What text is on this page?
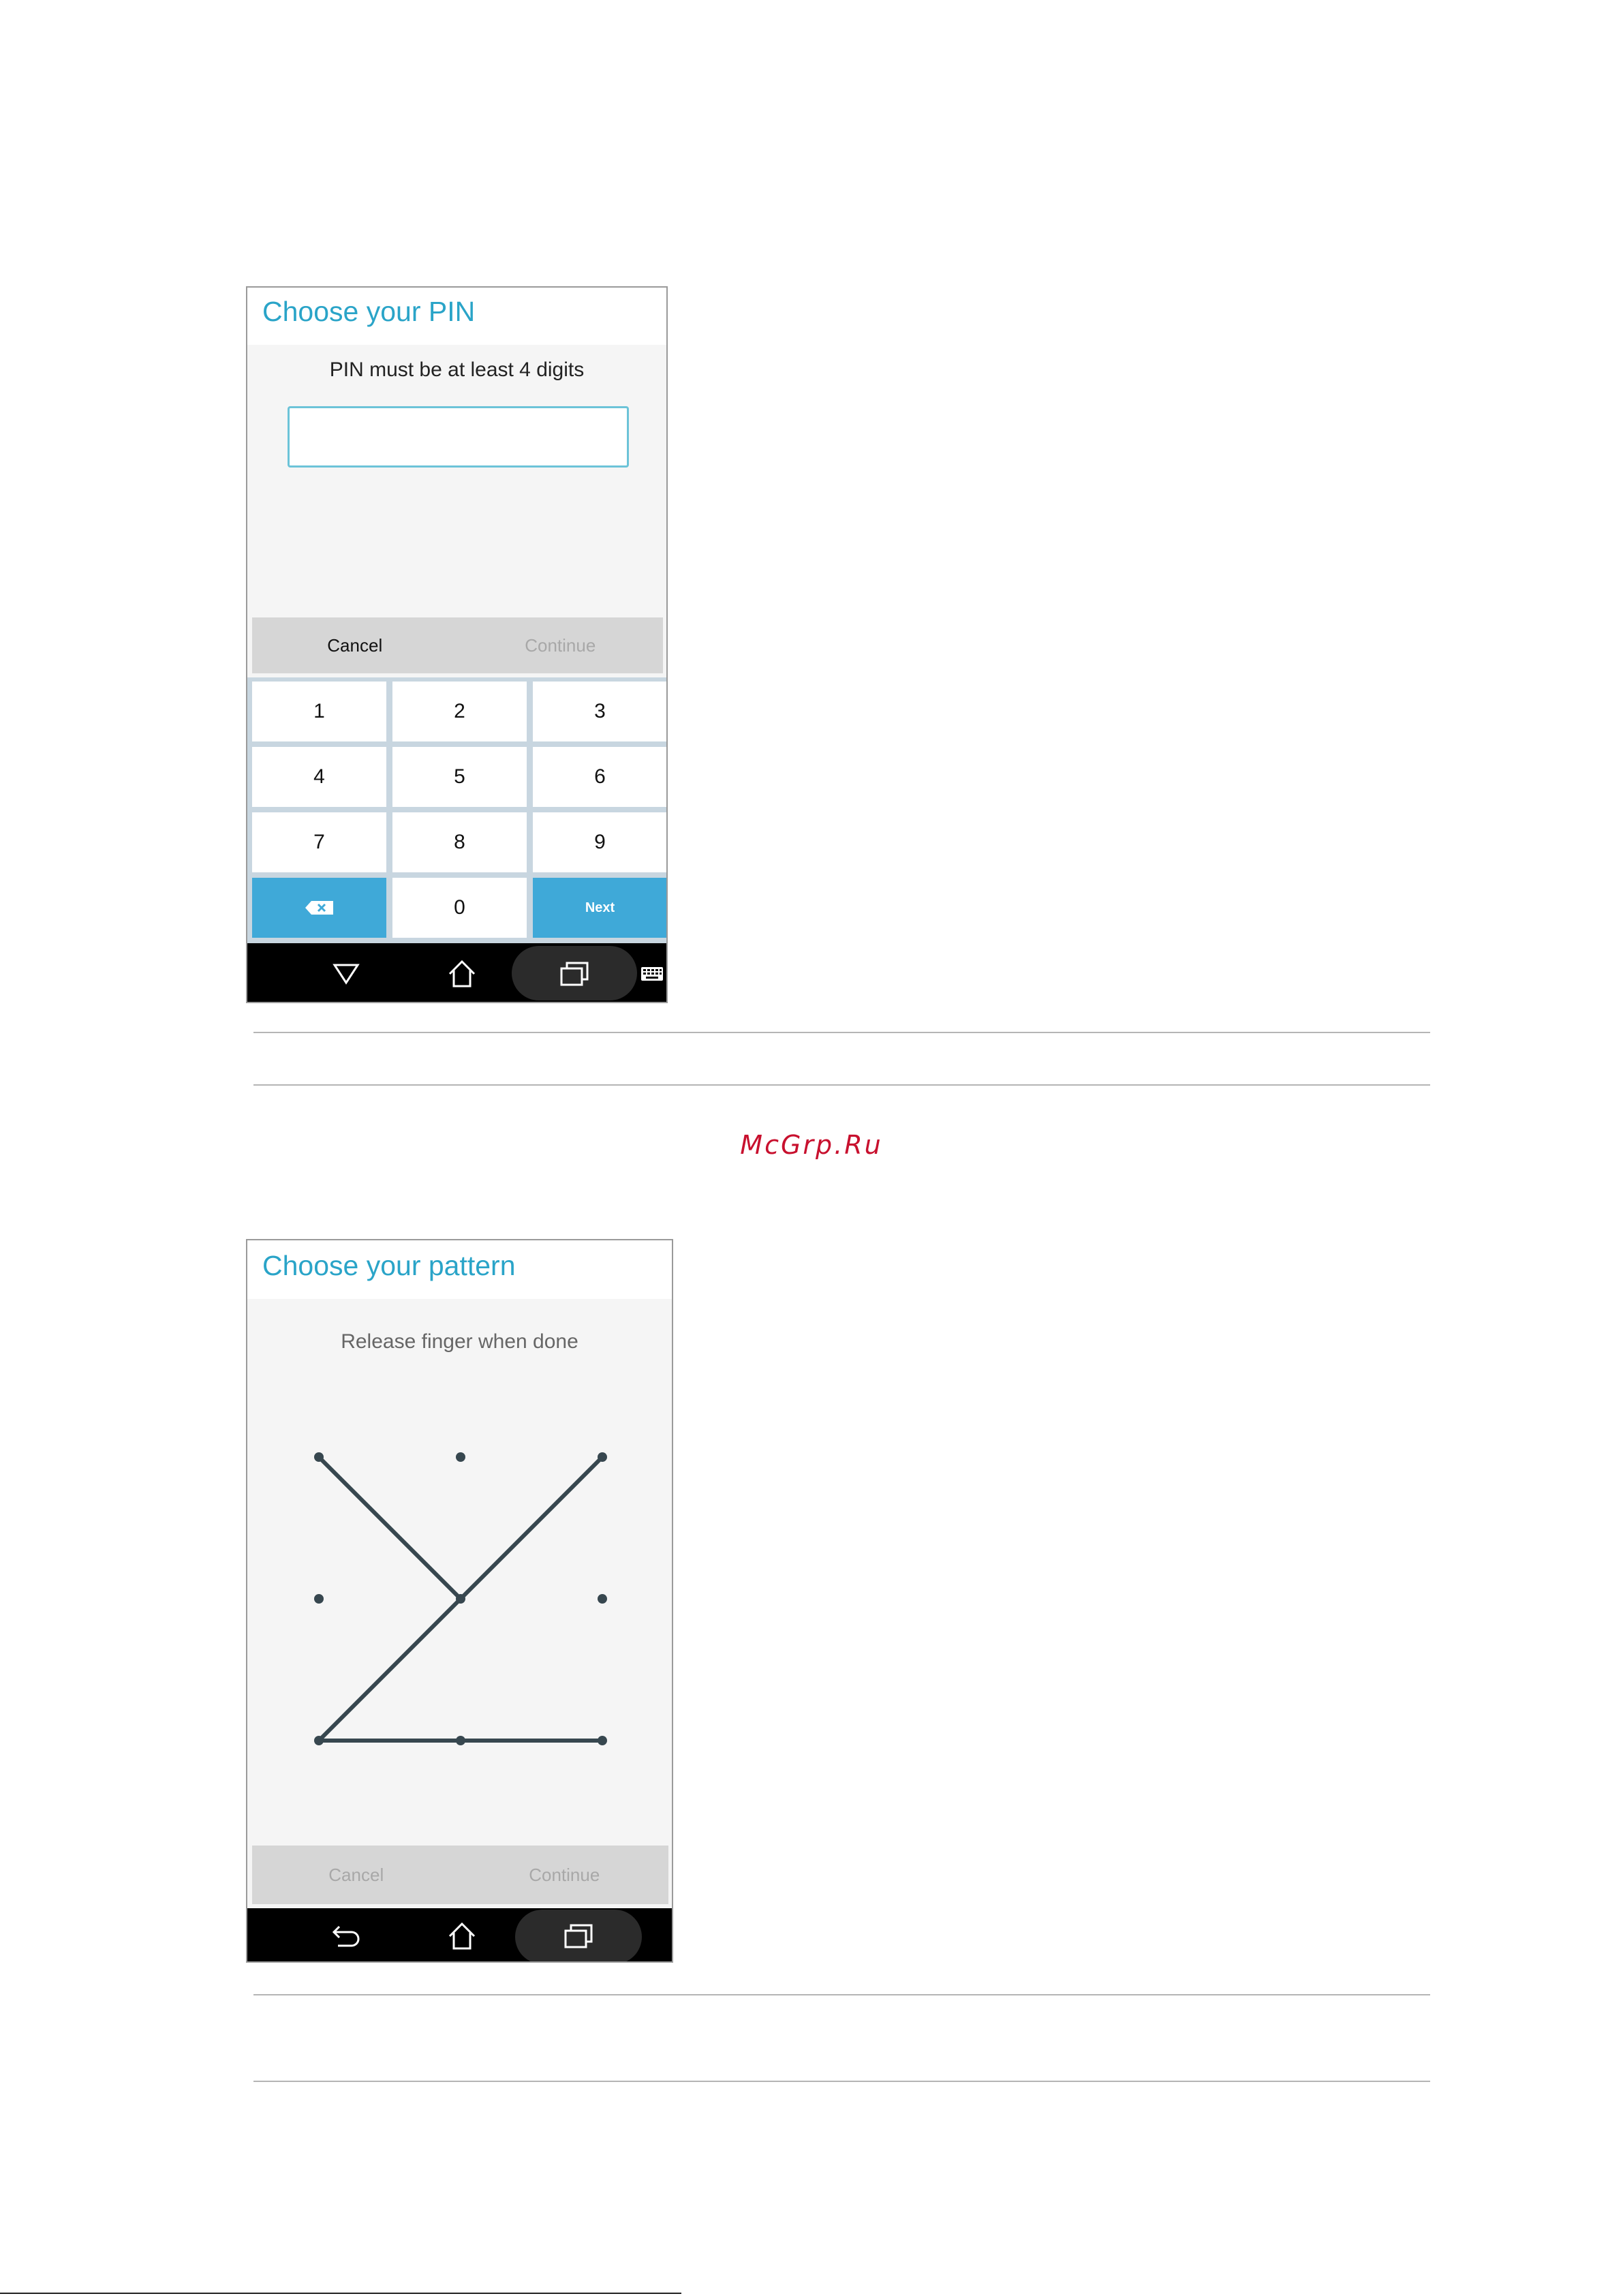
Choose your PIN
PIN must be at least 4 digits
Cancel	Continue
1	2	3
4	5	6
7	8	9
0	Next
McGrp.Ru
Choose your pattern
Release finger when done
Cancel	Continue
